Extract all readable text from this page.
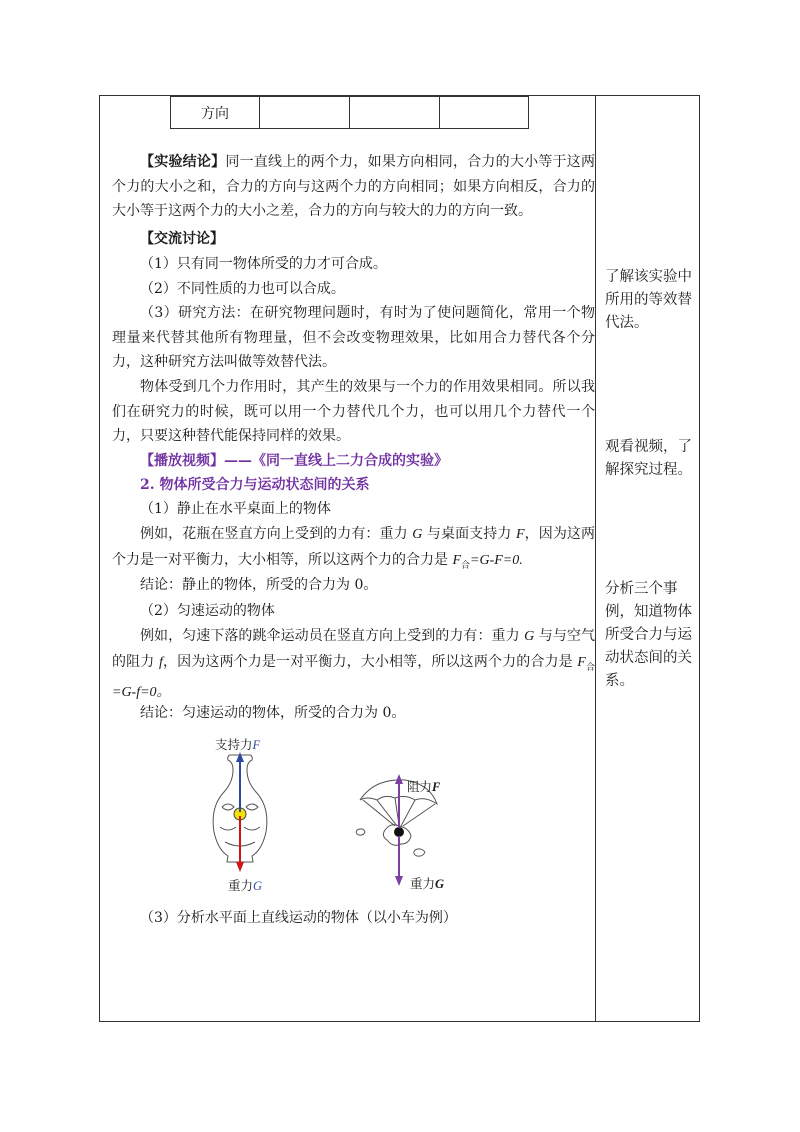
方向			
【实验结论】同一直线上的两个力，如果方向相同，合力的大小等于这两个力的大小之和，合力的方向与这两个力的方向相同；如果方向相反，合力的大小等于这两个力的大小之差，合力的方向与较大的力的方向一致。
【交流讨论】
（1）只有同一物体所受的力才可合成。
（2）不同性质的力也可以合成。
（3）研究方法：在研究物理问题时，有时为了使问题简化，常用一个物理量来代替其他所有物理量，但不会改变物理效果，比如用合力替代各个分力，这种研究方法叫做等效替代法。
物体受到几个力作用时，其产生的效果与一个力的作用效果相同。所以我们在研究力的时候，既可以用一个力替代几个力，也可以用几个力替代一个力，只要这种替代能保持同样的效果。
【播放视频】——《同一直线上二力合成的实验》
2. 物体所受合力与运动状态间的关系
（1）静止在水平桌面上的物体
例如，花瓶在竖直方向上受到的力有：重力 G 与桌面支持力 F，因为这两个力是一对平衡力，大小相等，所以这两个力的合力是 $F_合=G-F=0$.
结论：静止的物体，所受的合力为 0。
（2）匀速运动的物体
例如，匀速下落的跳伞运动员在竖直方向上受到的力有：重力 G 与与空气的阻力 f，因为这两个力是一对平衡力，大小相等，所以这两个力的合力是 $F_合=G-f=0$。
结论：匀速运动的物体，所受的合力为 0。
支持力F
重力G
阻力F
重力G
（3）分析水平面上直线运动的物体（以小车为例）
了解该实验中所用的等效替代法。
观看视频，了解探究过程。
分析三个事例，知道物体所受合力与运动状态间的关系。
